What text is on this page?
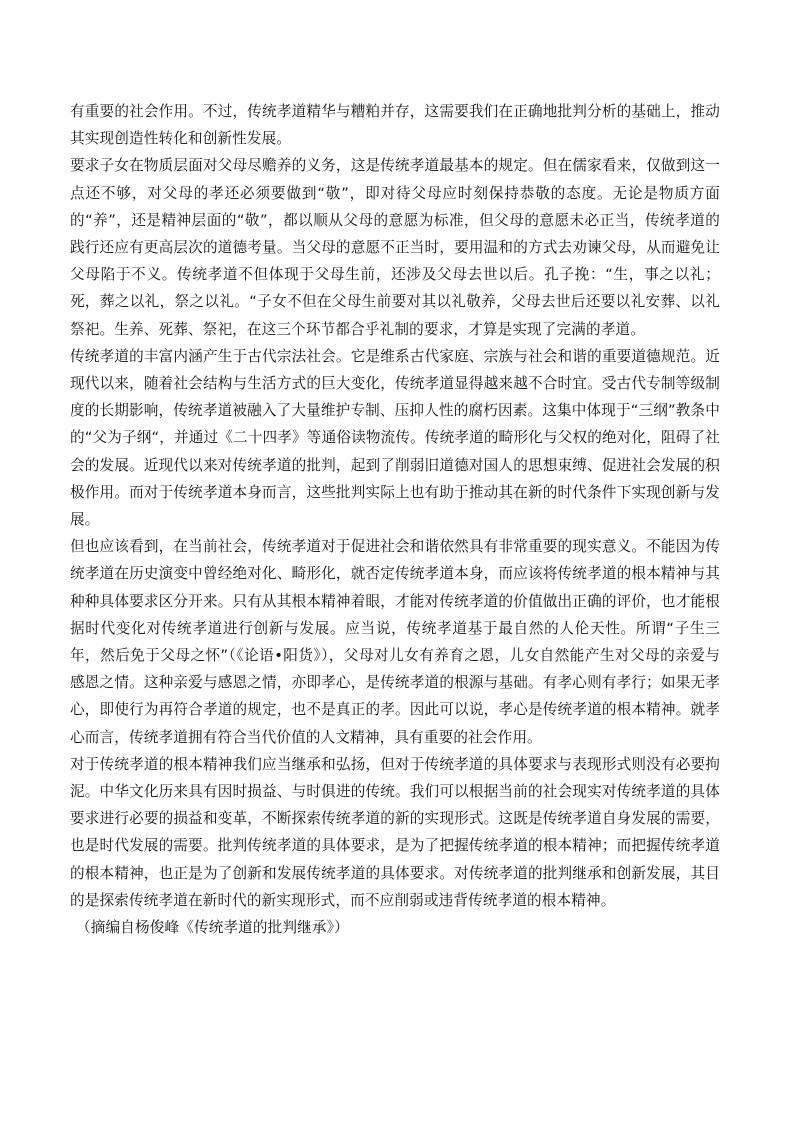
有重要的社会作用。不过，传统孝道精华与糟粕并存，这需要我们在正确地批判分析的基础上，推动其实现创造性转化和创新性发展。

要求子女在物质层面对父母尽赡养的义务，这是传统孝道最基本的规定。但在儒家看来，仅做到这一点还不够，对父母的孝还必须要做到“敬”，即对待父母应时刻保持恭敬的态度。无论是物质方面的“养”，还是精神层面的“敬”，都以顺从父母的意愿为标准，但父母的意愿未必正当，传统孝道的践行还应有更高层次的道德考量。当父母的意愿不正当时，要用温和的方式去劝谏父母，从而避免让父母陷于不义。传统孝道不但体现于父母生前，还涉及父母去世以后。孔子挽：“生，事之以礼；死，葬之以礼，祭之以礼。“子女不但在父母生前要对其以礼敬养，父母去世后还要以礼安葬、以礼祭祀。生养、死葬、祭祀，在这三个环节都合乎礼制的要求，才算是实现了完满的孝道。

传统孝道的丰富内涵产生于古代宗法社会。它是维系古代家庭、宗族与社会和谐的重要道德规范。近现代以来，随着社会结构与生活方式的巨大变化，传统孝道显得越来越不合时宜。受古代专制等级制度的长期影响，传统孝道被融入了大量维护专制、压抑人性的腐朽因素。这集中体现于“三纲”教条中的“父为子纲“，并通过《二十四孝》等通俗读物流传。传统孝道的畸形化与父权的绝对化，阻碍了社会的发展。近现代以来对传统孝道的批判，起到了削弱旧道德对国人的思想束缚、促进社会发展的积极作用。而对于传统孝道本身而言，这些批判实际上也有助于推动其在新的时代条件下实现创新与发展。

但也应该看到，在当前社会，传统孝道对于促进社会和谐依然具有非常重要的现实意义。不能因为传统孝道在历史演变中曾经绝对化、畸形化，就否定传统孝道本身，而应该将传统孝道的根本精神与其种种具体要求区分开来。只有从其根本精神着眼，才能对传统孝道的价值做出正确的评价，也才能根据时代变化对传统孝道进行创新与发展。应当说，传统孝道基于最自然的人伦天性。所谓“子生三年，然后免于父母之怀”（《论语•阳货》），父母对儿女有养育之恩，儿女自然能产生对父母的亲爱与感恩之情。这种亲爱与感恩之情，亦即孝心，是传统孝道的根源与基础。有孝心则有孝行；如果无孝心，即使行为再符合孝道的规定，也不是真正的孝。因此可以说，孝心是传统孝道的根本精神。就孝心而言，传统孝道拥有符合当代价值的人文精神，具有重要的社会作用。

对于传统孝道的根本精神我们应当继承和弘扬，但对于传统孝道的具体要求与表现形式则没有必要拘泥。中华文化历来具有因时损益、与时俱进的传统。我们可以根据当前的社会现实对传统孝道的具体要求进行必要的损益和变革，不断探索传统孝道的新的实现形式。这既是传统孝道自身发展的需要，也是时代发展的需要。批判传统孝道的具体要求，是为了把握传统孝道的根本精神；而把握传统孝道的根本精神，也正是为了创新和发展传统孝道的具体要求。对传统孝道的批判继承和创新发展，其目的是探索传统孝道在新时代的新实现形式，而不应削弱或违背传统孝道的根本精神。

（摘编自杨俊峰《传统孝道的批判继承》）
